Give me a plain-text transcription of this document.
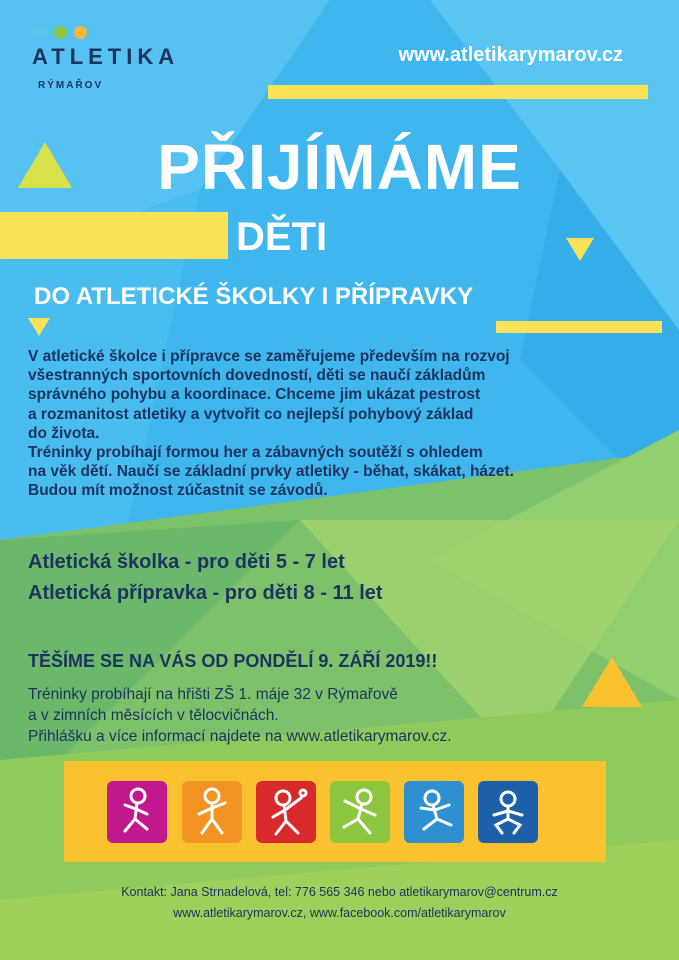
ATLETIKA
RÝMAŘOV
www.atletikarymarov.cz
PŘIJÍMÁME
DĚTI
DO ATLETICKÉ ŠKOLKY I PŘÍPRAVKY
V atletické školce i přípravce se zaměřujeme především na rozvoj
všestranných sportovních dovedností, děti se naučí základům
správného pohybu a koordinace. Chceme jim ukázat pestrost
a rozmanitost atletiky a vytvořit co nejlepší pohybový základ
do života.
Tréninky probíhají formou her a zábavných soutěží s ohledem
na věk dětí. Naučí se základní prvky atletiky - běhat, skákat, házet.
Budou mít možnost zúčastnit se závodů.
Atletická školka - pro děti 5 - 7 let
Atletická přípravka - pro děti 8 - 11 let
TĚŠÍME SE NA VÁS OD PONDĚLÍ 9. ZÁŘÍ 2019!!
Tréninky probíhají na hřišti ZŠ 1. máje 32 v Rýmařově
a v zimních měsících v tělocvičnách.
Přihlášku a více informací najdete na www.atletikarymarov.cz.
Kontakt: Jana Strnadelová, tel: 776 565 346 nebo atletikarymarov@centrum.cz
www.atletikarymarov.cz, www.facebook.com/atletikarymarov
